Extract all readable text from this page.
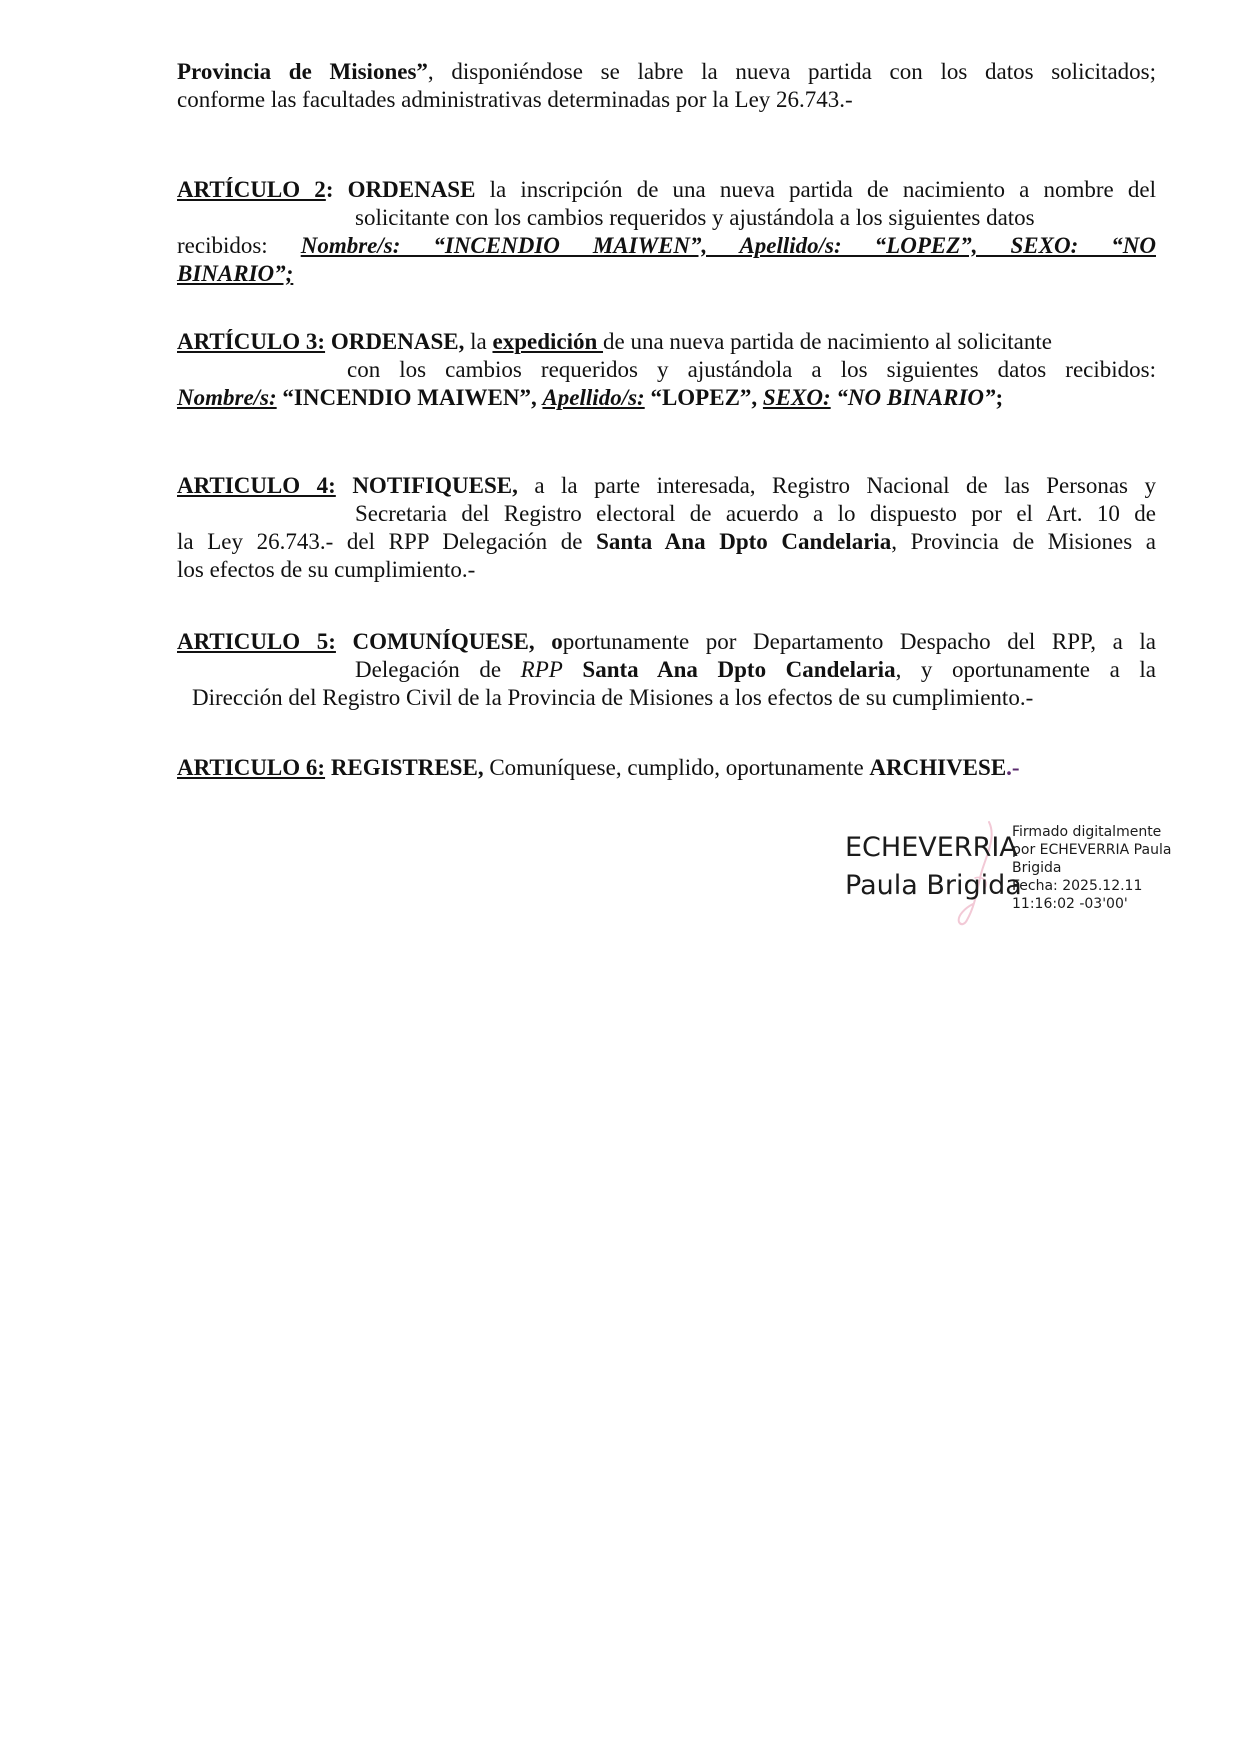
Provincia de Misiones”, disponiéndose se labre la nueva partida con los datos solicitados;
conforme las facultades administrativas determinadas por la Ley 26.743.-
ARTÍCULO 2: ORDENASE la inscripción de una nueva partida de nacimiento a nombre del
solicitante con los cambios requeridos y ajustándola a los siguientes datos
recibidos: Nombre/s: “INCENDIO MAIWEN”, Apellido/s: “LOPEZ”, SEXO: “NO
BINARIO”;
ARTÍCULO 3: ORDENASE, la expedición de una nueva partida de nacimiento al solicitante
con los cambios requeridos y ajustándola a los siguientes datos recibidos:
Nombre/s: “INCENDIO MAIWEN”, Apellido/s: “LOPEZ”, SEXO: “NO BINARIO”;
ARTICULO 4: NOTIFIQUESE, a la parte interesada, Registro Nacional de las Personas y
Secretaria del Registro electoral de acuerdo a lo dispuesto por el Art. 10 de
la Ley 26.743.- del RPP Delegación de Santa Ana Dpto Candelaria, Provincia de Misiones a
los efectos de su cumplimiento.-
ARTICULO 5: COMUNÍQUESE, oportunamente por Departamento Despacho del RPP, a la
Delegación de RPP Santa Ana Dpto Candelaria, y oportunamente a la
Dirección del Registro Civil de la Provincia de Misiones a los efectos de su cumplimiento.-
ARTICULO 6: REGISTRESE, Comuníquese, cumplido, oportunamente ARCHIVESE.-
ECHEVERRIA
Paula Brigida
Firmado digitalmente
por ECHEVERRIA Paula
Brigida
Fecha: 2025.12.11
11:16:02 -03'00'
